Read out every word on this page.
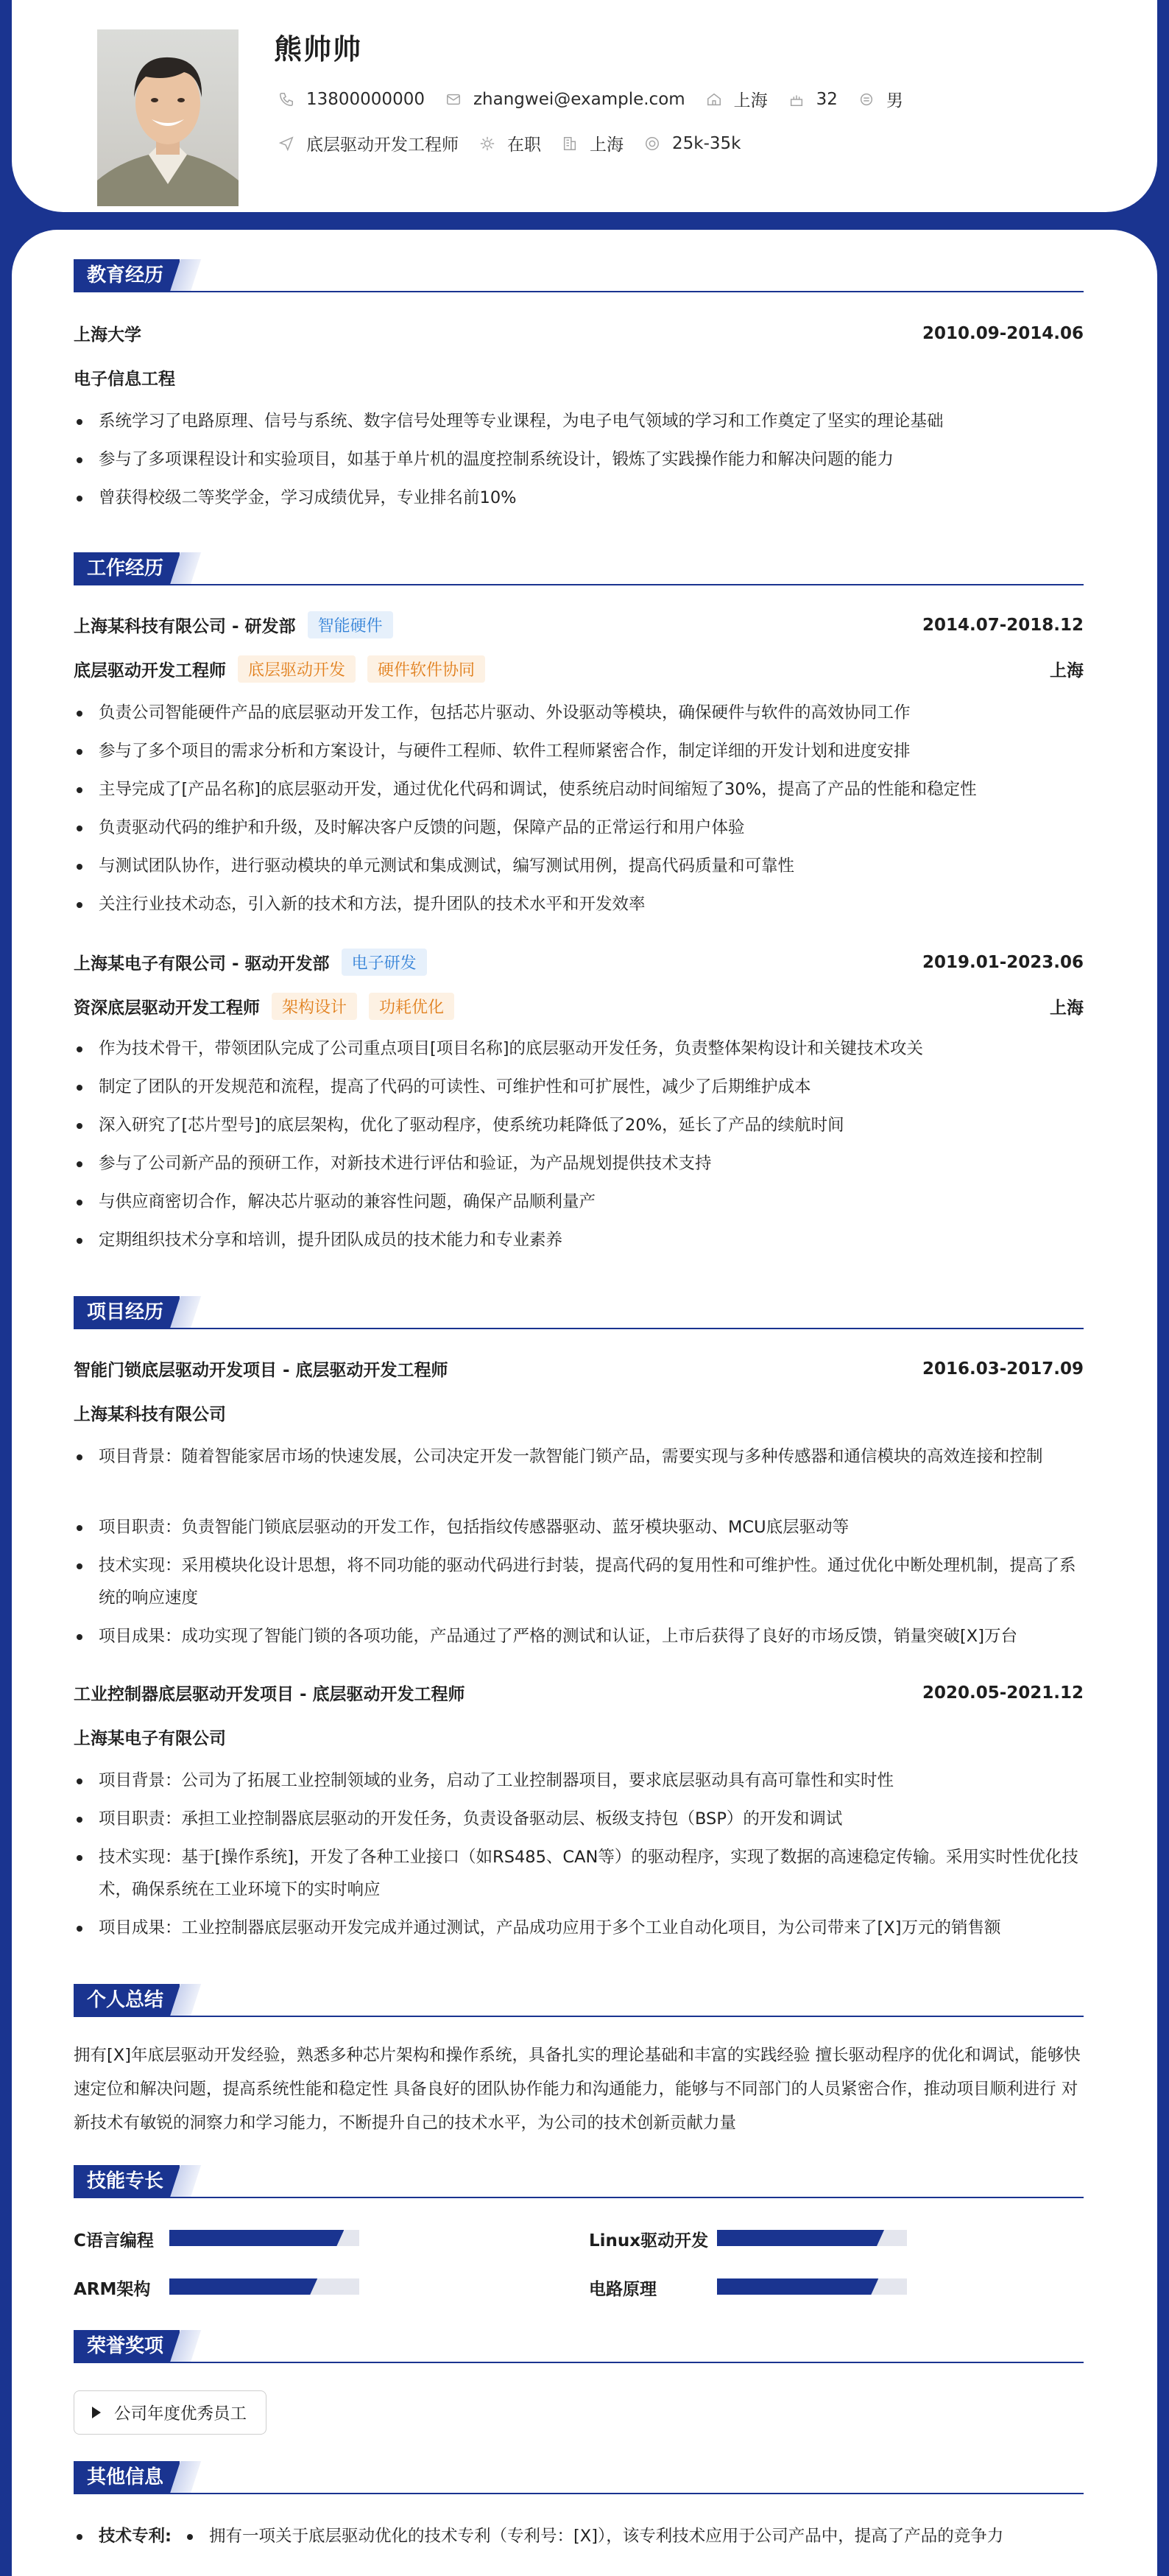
熊帅帅
13800000000	zhangwei@example.com	上海	32	男
底层驱动开发工程师	在职	上海	25k-35k
教育经历
上海大学	2010.09-2014.06
电子信息工程
系统学习了电路原理、信号与系统、数字信号处理等专业课程，为电子电气领域的学习和工作奠定了坚实的理论基础
参与了多项课程设计和实验项目，如基于单片机的温度控制系统设计，锻炼了实践操作能力和解决问题的能力
曾获得校级二等奖学金，学习成绩优异，专业排名前10%
工作经历
上海某科技有限公司 - 研发部	智能硬件	2014.07-2018.12
底层驱动开发工程师	底层驱动开发	硬件软件协同	上海
负责公司智能硬件产品的底层驱动开发工作，包括芯片驱动、外设驱动等模块，确保硬件与软件的高效协同工作
参与了多个项目的需求分析和方案设计，与硬件工程师、软件工程师紧密合作，制定详细的开发计划和进度安排
主导完成了[产品名称]的底层驱动开发，通过优化代码和调试，使系统启动时间缩短了30%，提高了产品的性能和稳定性
负责驱动代码的维护和升级，及时解决客户反馈的问题，保障产品的正常运行和用户体验
与测试团队协作，进行驱动模块的单元测试和集成测试，编写测试用例，提高代码质量和可靠性
关注行业技术动态，引入新的技术和方法，提升团队的技术水平和开发效率
上海某电子有限公司 - 驱动开发部	电子研发	2019.01-2023.06
资深底层驱动开发工程师	架构设计	功耗优化	上海
作为技术骨干，带领团队完成了公司重点项目[项目名称]的底层驱动开发任务，负责整体架构设计和关键技术攻关
制定了团队的开发规范和流程，提高了代码的可读性、可维护性和可扩展性，减少了后期维护成本
深入研究了[芯片型号]的底层架构，优化了驱动程序，使系统功耗降低了20%，延长了产品的续航时间
参与了公司新产品的预研工作，对新技术进行评估和验证，为产品规划提供技术支持
与供应商密切合作，解决芯片驱动的兼容性问题，确保产品顺利量产
定期组织技术分享和培训，提升团队成员的技术能力和专业素养
项目经历
智能门锁底层驱动开发项目 - 底层驱动开发工程师	2016.03-2017.09
上海某科技有限公司
项目背景：随着智能家居市场的快速发展，公司决定开发一款智能门锁产品，需要实现与多种传感器和通信模块的高效连接和控制
项目职责：负责智能门锁底层驱动的开发工作，包括指纹传感器驱动、蓝牙模块驱动、MCU底层驱动等
技术实现：采用模块化设计思想，将不同功能的驱动代码进行封装，提高代码的复用性和可维护性。通过优化中断处理机制，提高了系统的响应速度
项目成果：成功实现了智能门锁的各项功能，产品通过了严格的测试和认证，上市后获得了良好的市场反馈，销量突破[X]万台
工业控制器底层驱动开发项目 - 底层驱动开发工程师	2020.05-2021.12
上海某电子有限公司
项目背景：公司为了拓展工业控制领域的业务，启动了工业控制器项目，要求底层驱动具有高可靠性和实时性
项目职责：承担工业控制器底层驱动的开发任务，负责设备驱动层、板级支持包（BSP）的开发和调试
技术实现：基于[操作系统]，开发了各种工业接口（如RS485、CAN等）的驱动程序，实现了数据的高速稳定传输。采用实时性优化技术，确保系统在工业环境下的实时响应
项目成果：工业控制器底层驱动开发完成并通过测试，产品成功应用于多个工业自动化项目，为公司带来了[X]万元的销售额
个人总结
拥有[X]年底层驱动开发经验，熟悉多种芯片架构和操作系统，具备扎实的理论基础和丰富的实践经验 擅长驱动程序的优化和调试，能够快速定位和解决问题，提高系统性能和稳定性 具备良好的团队协作能力和沟通能力，能够与不同部门的人员紧密合作，推动项目顺利进行 对新技术有敏锐的洞察力和学习能力，不断提升自己的技术水平，为公司的技术创新贡献力量
技能专长
C语言编程	Linux驱动开发
ARM架构	电路原理
荣誉奖项
公司年度优秀员工
其他信息
技术专利:	拥有一项关于底层驱动优化的技术专利（专利号：[X]），该专利技术应用于公司产品中，提高了产品的竞争力
